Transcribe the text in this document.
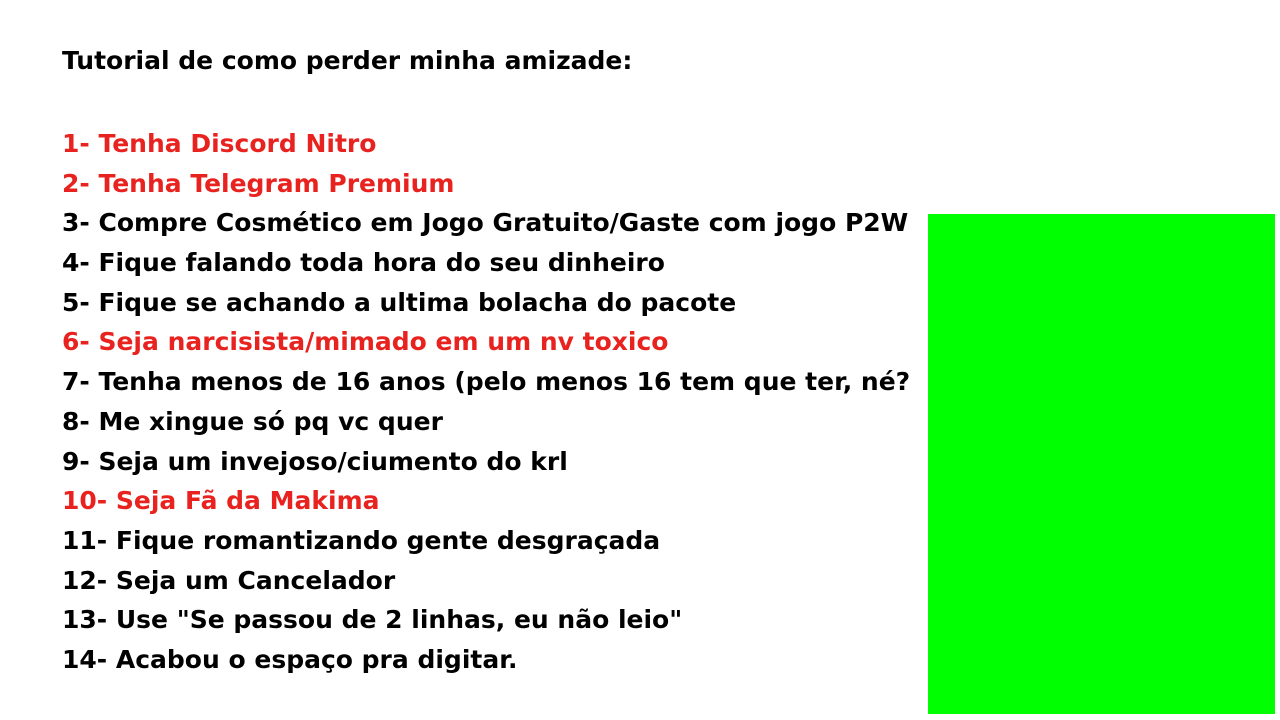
Tutorial de como perder minha amizade:
1- Tenha Discord Nitro
2- Tenha Telegram Premium
3- Compre Cosmético em Jogo Gratuito/Gaste com jogo P2W
4- Fique falando toda hora do seu dinheiro
5- Fique se achando a ultima bolacha do pacote
6- Seja narcisista/mimado em um nv toxico
7- Tenha menos de 16 anos (pelo menos 16 tem que ter, né?
8- Me xingue só pq vc quer
9- Seja um invejoso/ciumento do krl
10- Seja Fã da Makima
11- Fique romantizando gente desgraçada
12- Seja um Cancelador
13- Use "Se passou de 2 linhas, eu não leio"
14- Acabou o espaço pra digitar.
